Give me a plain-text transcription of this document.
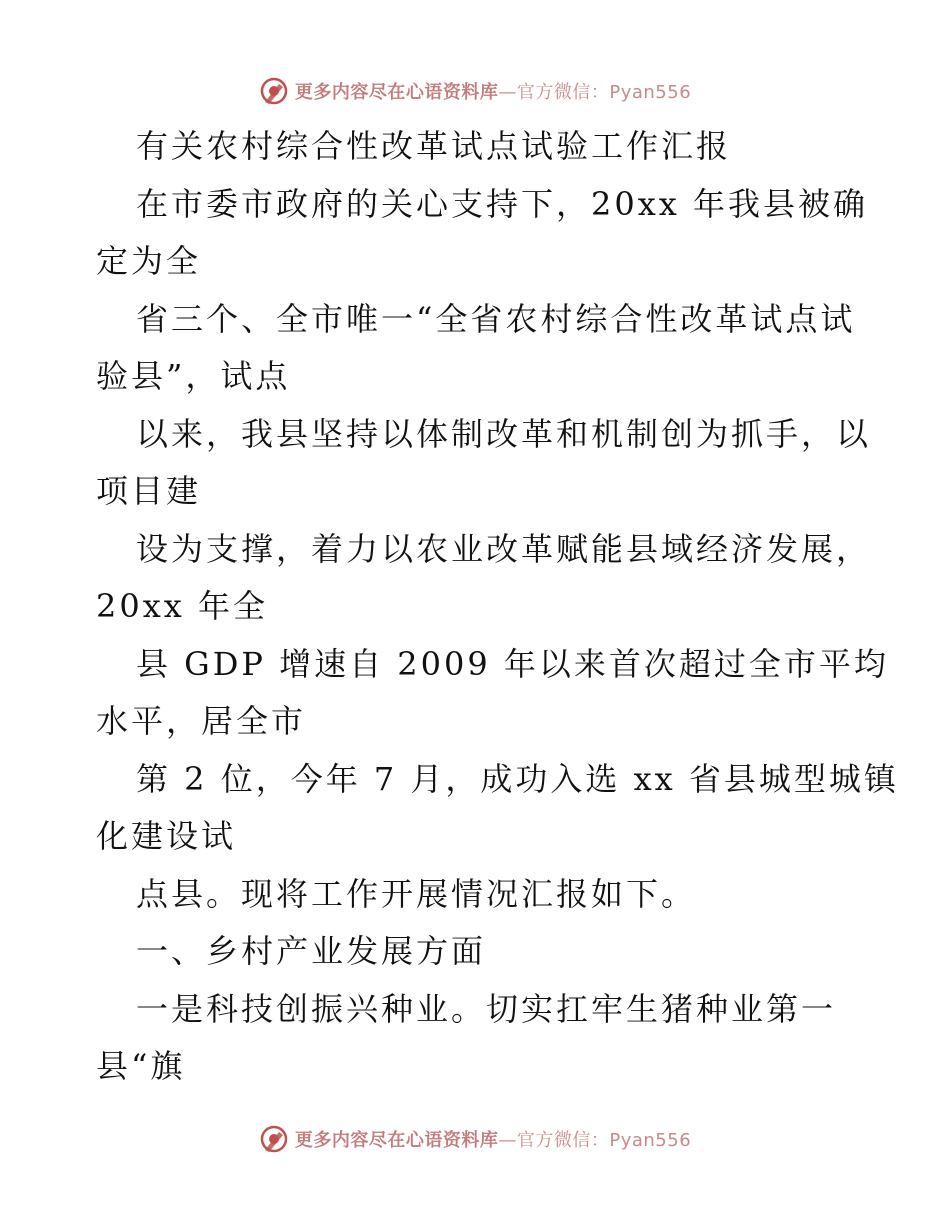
更多内容尽在心语资料库 —官方微信：Pyan556
有关农村综合性改革试点试验工作汇报
在市委市政府的关心支持下，20xx 年我县被确
定为全
省三个、全市唯一“全省农村综合性改革试点试
验县”，试点
以来，我县坚持以体制改革和机制创为抓手，以
项目建
设为支撑，着力以农业改革赋能县域经济发展，
20xx 年全
县 GDP 增速自 2009 年以来首次超过全市平均
水平，居全市
第 2 位，今年 7 月，成功入选 xx 省县城型城镇
化建设试
点县。现将工作开展情况汇报如下。
一、乡村产业发展方面
一是科技创振兴种业。切实扛牢生猪种业第一
县“旗
更多内容尽在心语资料库 —官方微信：Pyan556
